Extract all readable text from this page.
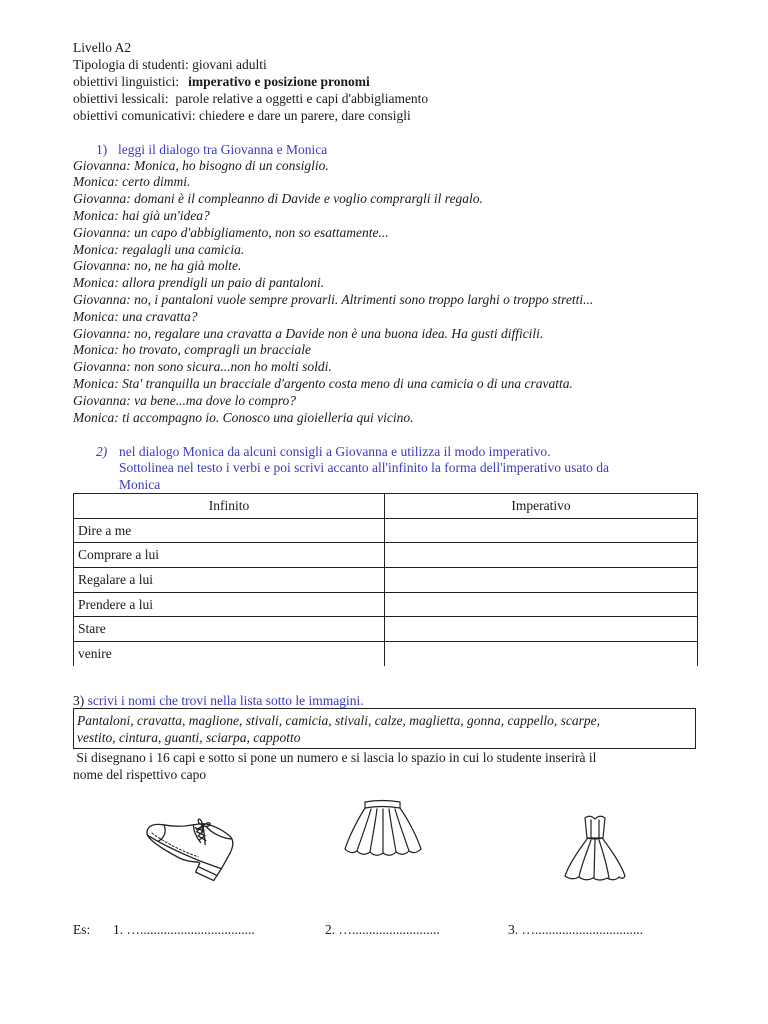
Livello A2
Tipologia di studenti: giovani adulti
obiettivi linguistici: imperativo e posizione pronomi
obiettivi lessicali:  parole relative a oggetti e capi d'abbigliamento
obiettivi comunicativi: chiedere e dare un parere, dare consigli
1) leggi il dialogo tra Giovanna e Monica
Giovanna: Monica, ho bisogno di un consiglio.
Monica: certo dimmi.
Giovanna: domani è il compleanno di Davide e voglio comprargli il regalo.
Monica: hai già un'idea?
Giovanna: un capo d'abbigliamento, non so esattamente...
Monica: regalagli una camicia.
Giovanna: no, ne ha già molte.
Monica: allora prendigli un paio di pantaloni.
Giovanna: no, i pantaloni vuole sempre provarli. Altrimenti sono troppo larghi o troppo stretti...
Monica: una cravatta?
Giovanna: no, regalare una cravatta a Davide non è una buona idea. Ha gusti difficili.
Monica: ho trovato, compragli un bracciale
Giovanna: non sono sicura...non ho molti soldi.
Monica: Sta' tranquilla un bracciale d'argento costa meno di una camicia o di una cravatta.
Giovanna: va bene...ma dove lo compro?
Monica: ti accompagno io. Conosco una gioielleria qui vicino.
2) nel dialogo Monica da alcuni consigli a Giovanna e utilizza il modo imperativo.
Sottolinea nel testo i verbi e poi scrivi accanto all'infinito la forma dell'imperativo usato da
Monica
Infinito	Imperativo
Dire a me	
Comprare a lui	
Regalare a lui	
Prendere a lui	
Stare	
venire	
3) scrivi i nomi che trovi nella lista sotto le immagini.
Pantaloni, cravatta, maglione, stivali, camicia, stivali, calze, maglietta, gonna, cappello, scarpe,
vestito, cintura, guanti, sciarpa, cappotto
Si disegnano i 16 capi e sotto si pone un numero e si lascia lo spazio in cui lo studente inserirà il
nome del rispettivo capo
Es: 1. …..................................	2. …..........................	3. …................................
